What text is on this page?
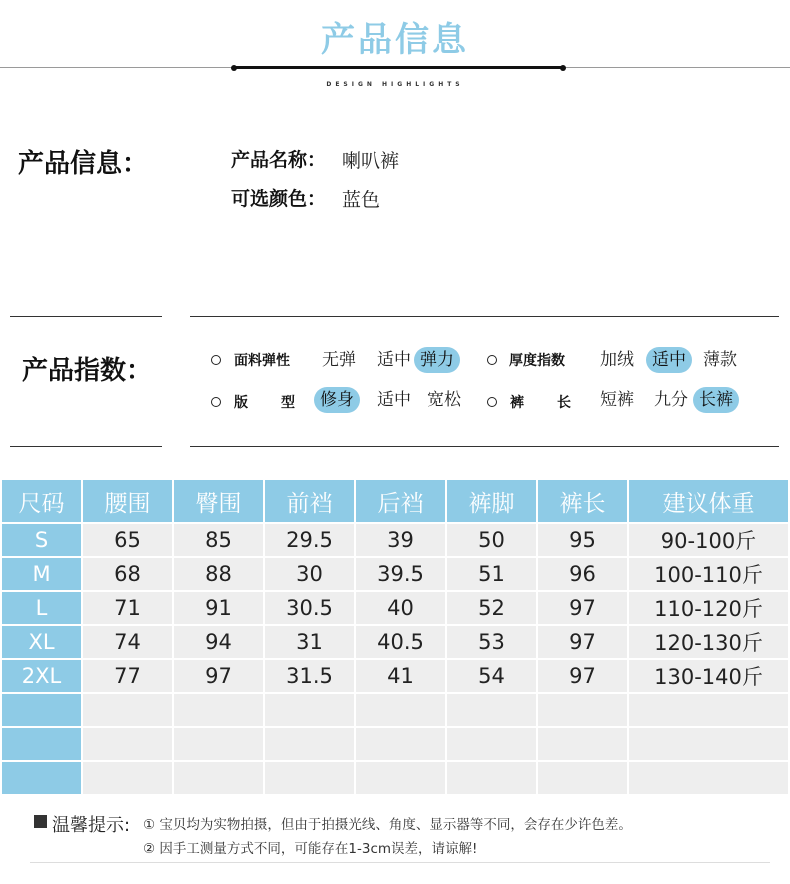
产品信息
DESIGN HIGHLIGHTS
产品信息：	产品名称： 喇叭裤
可选颜色： 蓝色
产品指数：	面料弹性	无弹	适中 弹力	厚度指数	加绒	适中	薄款
版 型	修身	适中 宽松	裤 长	短裤	九分 长裤
尺码	腰围	臀围	前裆	后裆	裤脚	裤长	建议体重
S	65	85	29.5	39	50	95	90-100斤
M	68	88	30	39.5	51	96	100-110斤
L	71	91	30.5	40	52	97	110-120斤
XL	74	94	31	40.5	53	97	120-130斤
2XL	77	97	31.5	41	54	97	130-140斤

温馨提示: ① 宝贝均为实物拍摄，但由于拍摄光线、角度、显示器等不同，会存在少许色差。
② 因手工测量方式不同，可能存在1-3cm误差，请谅解!
